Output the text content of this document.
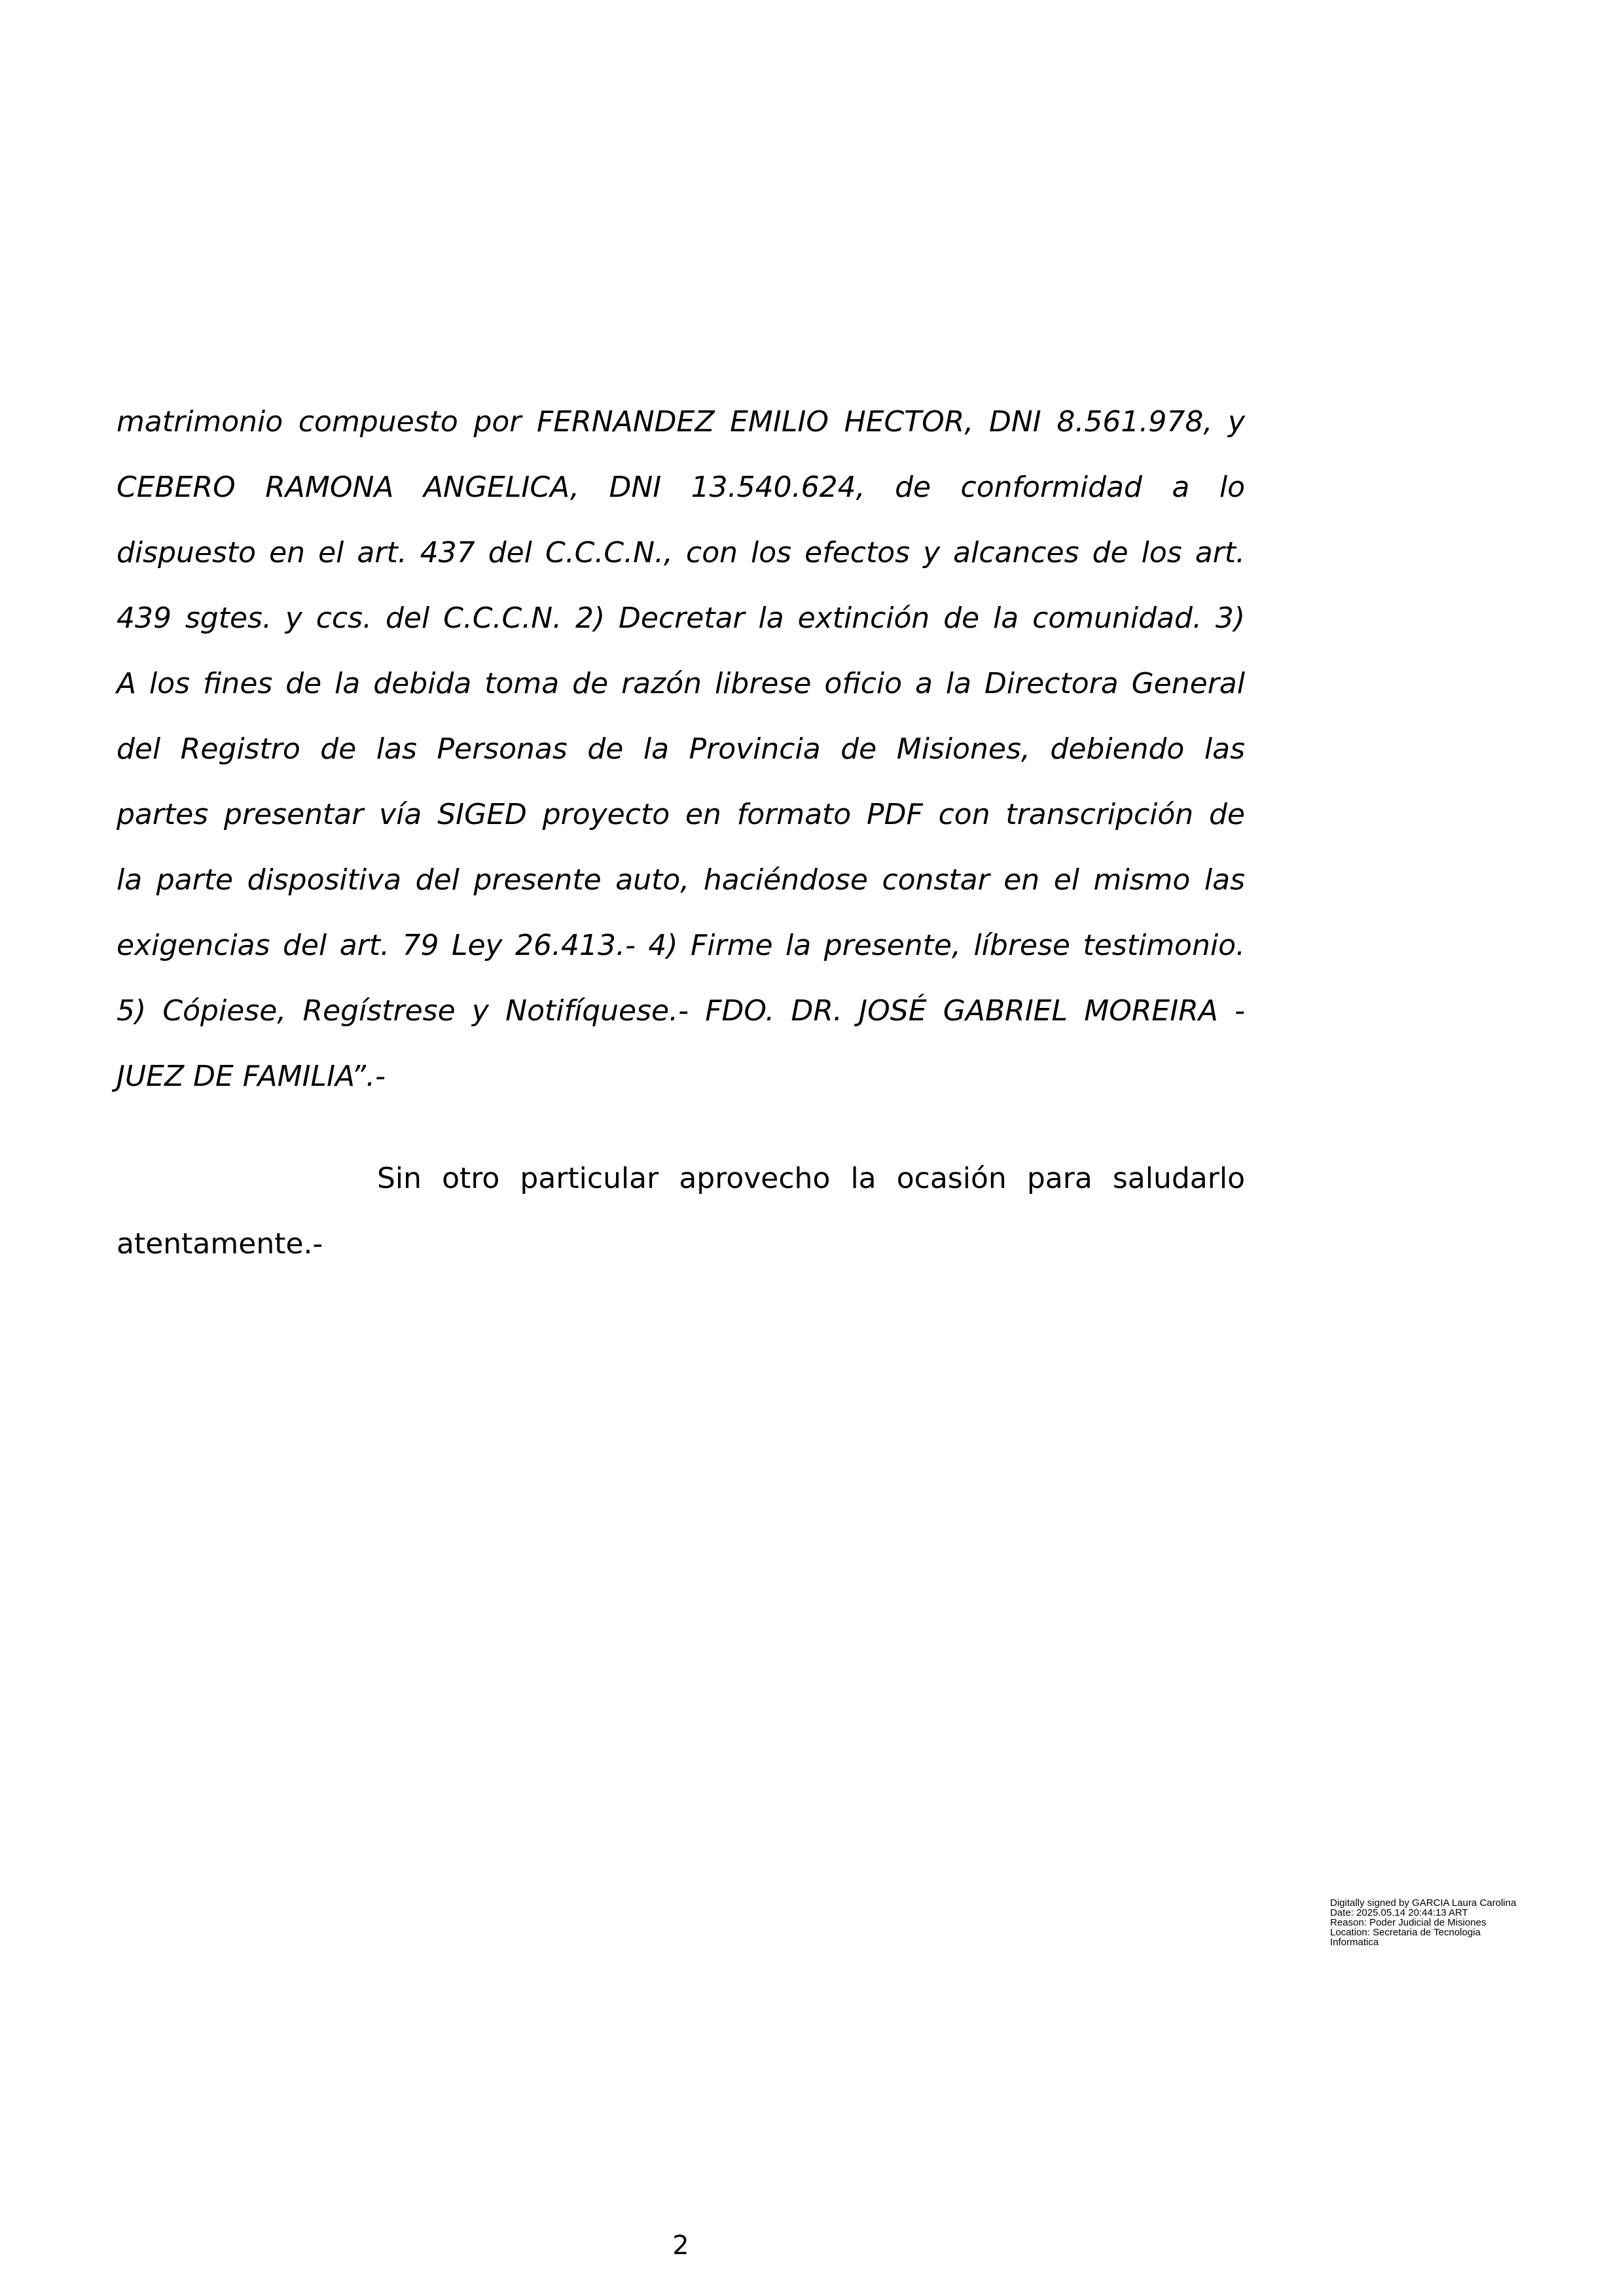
matrimonio compuesto por FERNANDEZ EMILIO HECTOR, DNI 8.561.978, y
CEBERO RAMONA ANGELICA, DNI 13.540.624, de conformidad a lo
dispuesto en el art. 437 del C.C.C.N., con los efectos y alcances de los art.
439 sgtes. y ccs. del C.C.C.N. 2) Decretar la extinción de la comunidad. 3)
A los fines de la debida toma de razón librese oficio a la Directora General
del Registro de las Personas de la Provincia de Misiones, debiendo las
partes presentar vía SIGED proyecto en formato PDF con transcripción de
la parte dispositiva del presente auto, haciéndose constar en el mismo las
exigencias del art. 79 Ley 26.413.- 4) Firme la presente, líbrese testimonio.
5) Cópiese, Regístrese y Notifíquese.- FDO. DR. JOSÉ GABRIEL MOREIRA -
JUEZ DE FAMILIA”.-
Sin otro particular aprovecho la ocasión para saludarlo
atentamente.-
Digitally signed by GARCIA Laura Carolina
Date: 2025.05.14 20:44:13 ART
Reason: Poder Judicial de Misiones
Location: Secretaria de Tecnologia
Informatica
2
